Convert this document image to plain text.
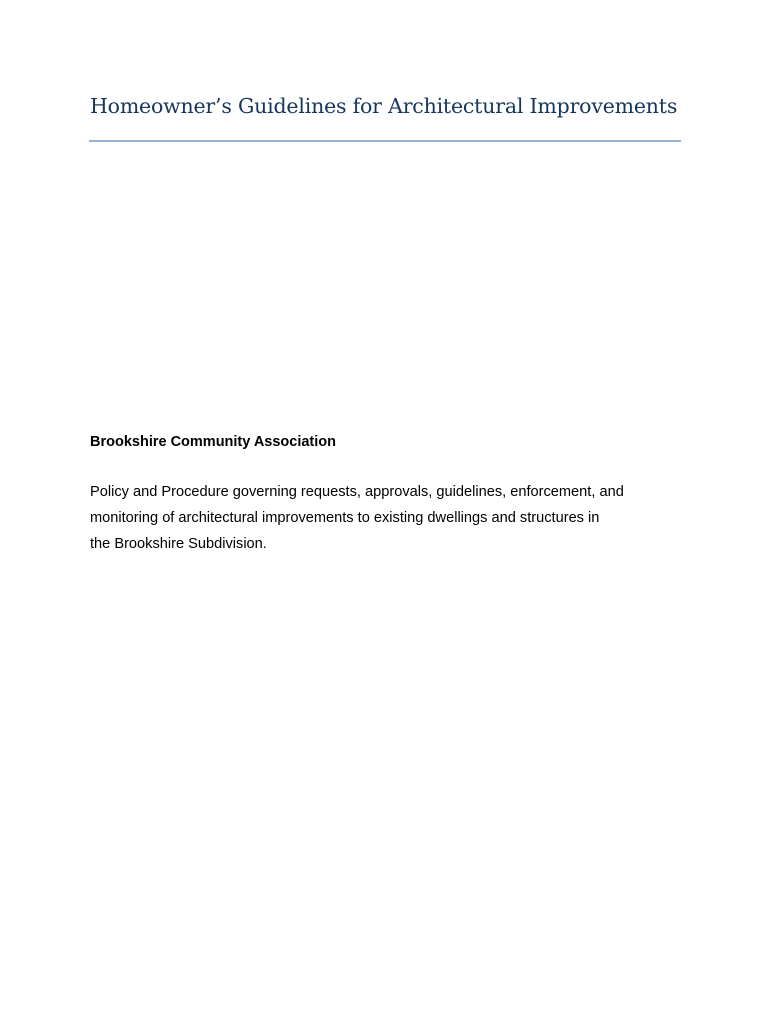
Homeowner’s Guidelines for Architectural Improvements

Brookshire Community Association

Policy and Procedure governing requests, approvals, guidelines, enforcement, and
monitoring of architectural improvements to existing dwellings and structures in
the Brookshire Subdivision.
